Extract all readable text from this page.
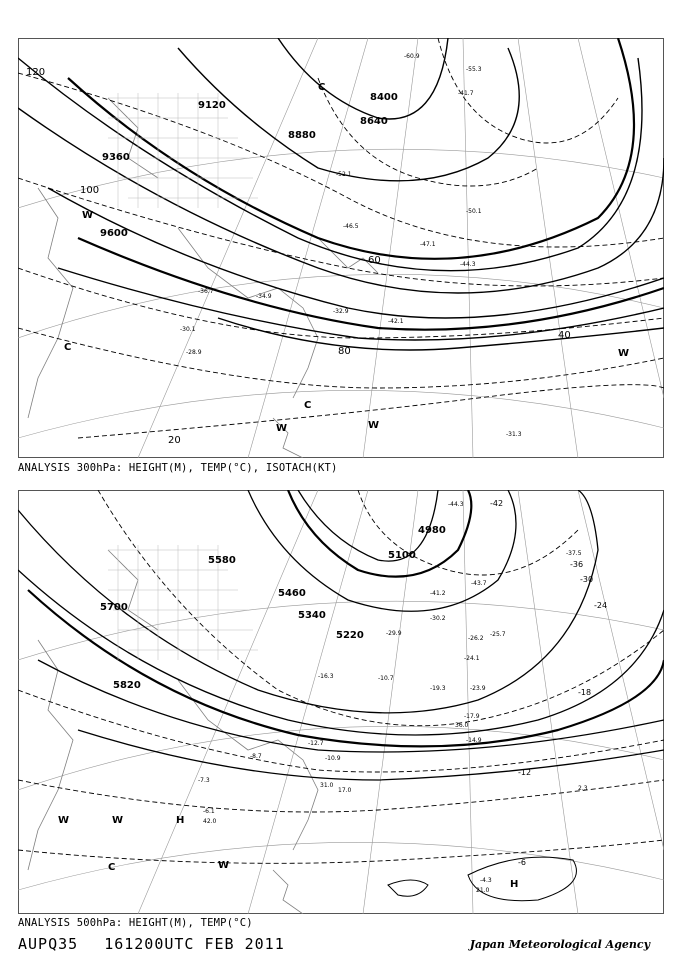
9120
8880
8640
8400
9360
9600
120
100
80
60
40
20
-31.3
-30.1
-28.9
-34.9
-41.7
-46.5
-52.1
-55.3
-60.9
-50.1
-47.1
-44.3
-42.1
-32.9
-36.7
C
C
C
W
W	W
W
ANALYSIS 300hPa: HEIGHT(M), TEMP(°C), ISOTACH(KT)
5580
5700
5460
5340
5220
5100
4980
5820
-42
-36
-30
-24
-18
-12
-6
-44.3
-43.7
-41.2
-37.5
-30.2
-29.9
-26.2
-25.7
-24.1
-23.9
-19.3
-17.9
-16.3
-14.9
-12.7
-10.9
-10.7
-8.7
-7.3
-6.1
-4.3
21.0
42.0
36.0
31.0
17.0	2.3
H
H
W	W
W
C
ANALYSIS 500hPa: HEIGHT(M), TEMP(°C)
AUPQ35 161200UTC FEB 2011	Japan Meteorological Agency
